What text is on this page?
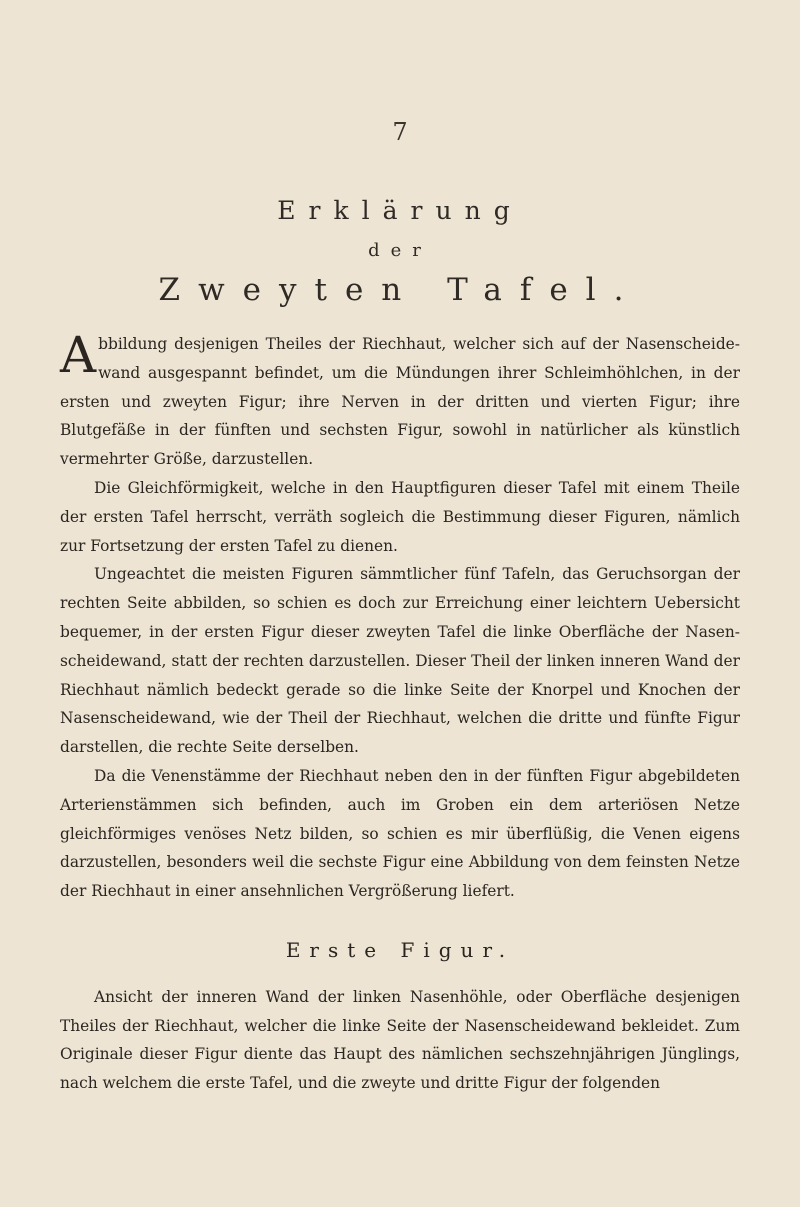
7
Erklärung
der
Zweyten Tafel.

Abbildung desjenigen Theiles der Riechhaut, welcher sich auf der Nasenscheidewand ausgespannt befindet, um die Mündungen ihrer Schleimhöhlchen, in der ersten und zweyten Figur; ihre Nerven in der dritten und vierten Figur; ihre Blutgefäße in der fünften und sechsten Figur, sowohl in natürlicher als künstlich vermehrter Größe, darzustellen.

Die Gleichförmigkeit, welche in den Hauptfiguren dieser Tafel mit einem Theile der ersten Tafel herrscht, verräth sogleich die Bestimmung dieser Figuren, nämlich zur Fortsetzung der ersten Tafel zu dienen.

Ungeachtet die meisten Figuren sämmtlicher fünf Tafeln, das Geruchsorgan der rechten Seite abbilden, so schien es doch zur Erreichung einer leichtern Uebersicht bequemer, in der ersten Figur dieser zweyten Tafel die linke Oberfläche der Nasenscheidewand, statt der rechten darzustellen. Dieser Theil der linken inneren Wand der Riechhaut nämlich bedeckt gerade so die linke Seite der Knorpel und Knochen der Nasenscheidewand, wie der Theil der Riechhaut, welchen die dritte und fünfte Figur darstellen, die rechte Seite derselben.

Da die Venenstämme der Riechhaut neben den in der fünften Figur abgebildeten Arterienstämmen sich befinden, auch im Groben ein dem arteriösen Netze gleichförmiges venöses Netz bilden, so schien es mir überflüßig, die Venen eigens darzustellen, besonders weil die sechste Figur eine Abbildung von dem feinsten Netze der Riechhaut in einer ansehnlichen Vergrößerung liefert.

Erste Figur.

Ansicht der inneren Wand der linken Nasenhöhle, oder Oberfläche desjenigen Theiles der Riechhaut, welcher die linke Seite der Nasenscheidewand bekleidet. Zum Originale dieser Figur diente das Haupt des nämlichen sechszehnjährigen Jünglings, nach welchem die erste Tafel, und die zweyte und dritte Figur der folgenden
